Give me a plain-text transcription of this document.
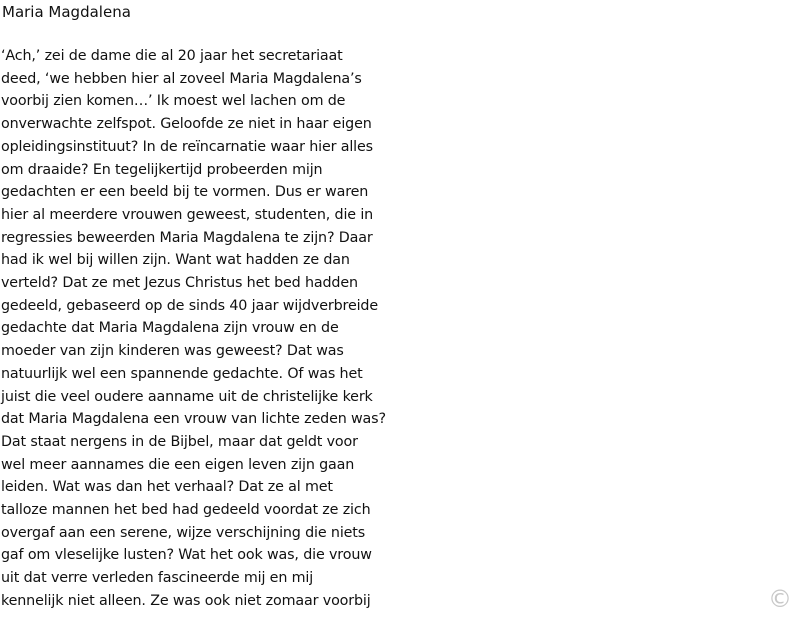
Maria Magdalena
‘Ach,’ zei de dame die al 20 jaar het secretariaat
deed, ‘we hebben hier al zoveel Maria Magdalena’s
voorbij zien komen…’ Ik moest wel lachen om de
onverwachte zelfspot. Geloofde ze niet in haar eigen
opleidingsinstituut? In de reïncarnatie waar hier alles
om draaide? En tegelijkertijd probeerden mijn
gedachten er een beeld bij te vormen. Dus er waren
hier al meerdere vrouwen geweest, studenten, die in
regressies beweerden Maria Magdalena te zijn? Daar
had ik wel bij willen zijn. Want wat hadden ze dan
verteld? Dat ze met Jezus Christus het bed hadden
gedeeld, gebaseerd op de sinds 40 jaar wijdverbreide
gedachte dat Maria Magdalena zijn vrouw en de
moeder van zijn kinderen was geweest? Dat was
natuurlijk wel een spannende gedachte. Of was het
juist die veel oudere aanname uit de christelijke kerk
dat Maria Magdalena een vrouw van lichte zeden was?
Dat staat nergens in de Bijbel, maar dat geldt voor
wel meer aannames die een eigen leven zijn gaan
leiden. Wat was dan het verhaal? Dat ze al met
talloze mannen het bed had gedeeld voordat ze zich
overgaf aan een serene, wijze verschijning die niets
gaf om vleselijke lusten? Wat het ook was, die vrouw
uit dat verre verleden fascineerde mij en mij
kennelijk niet alleen. Ze was ook niet zomaar voorbij	©
